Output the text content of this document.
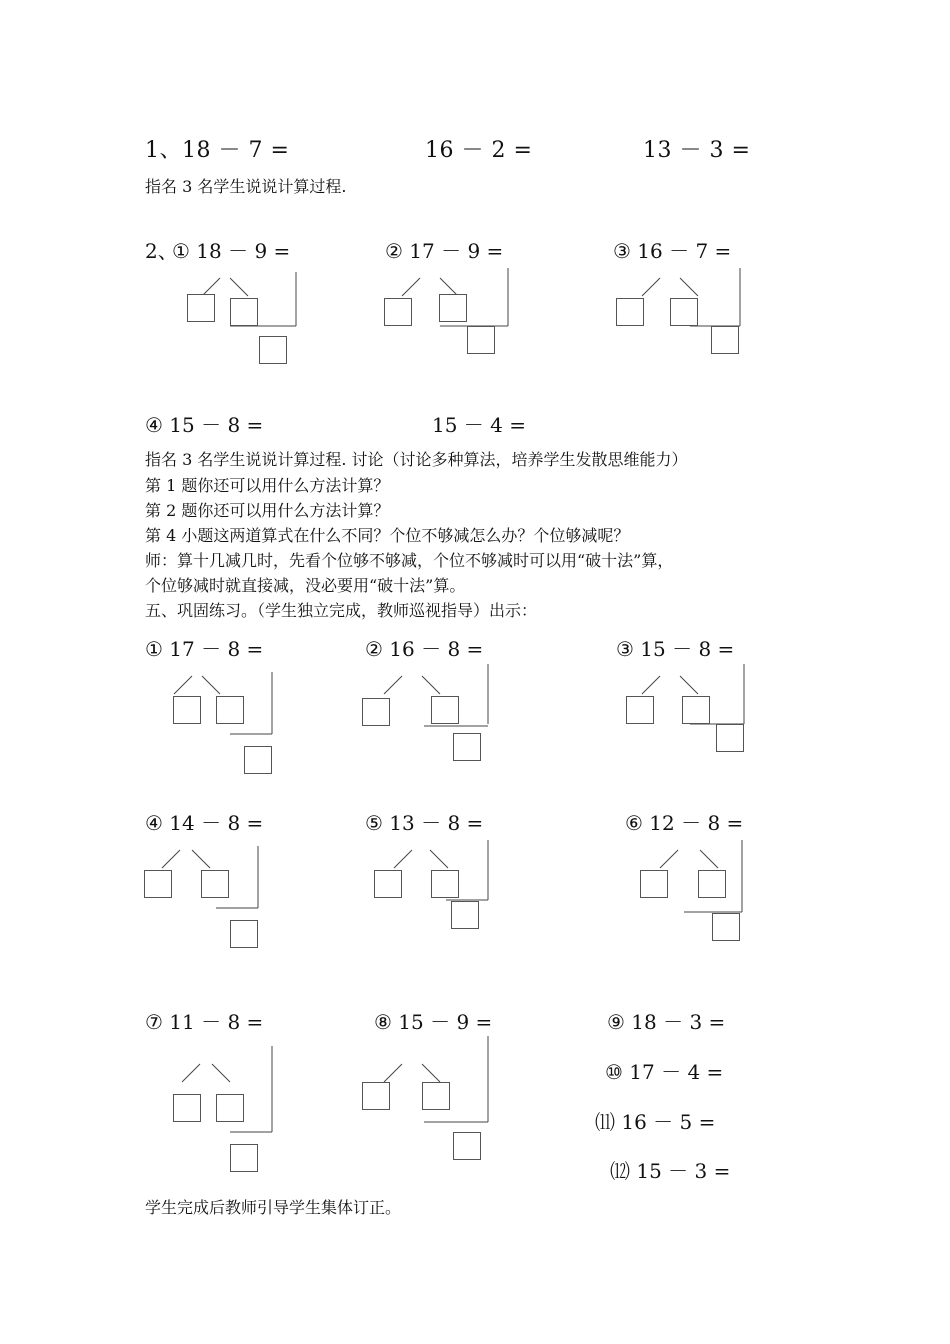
1、18 － 7 =	16 － 2 =	13 － 3 =
指名 3 名学生说说计算过程.
2、
① 18 － 9 =	② 17 － 9 =	③ 16 － 7 =
④ 15 － 8 =	15 － 4 =
指名 3 名学生说说计算过程. 讨论（讨论多种算法，培养学生发散思维能力）
第 1 题你还可以用什么方法计算？
第 2 题你还可以用什么方法计算？
第 4 小题这两道算式在什么不同？个位不够减怎么办？个位够减呢？
师：算十几减几时，先看个位够不够减，个位不够减时可以用“破十法”算，
个位够减时就直接减，没必要用“破十法”算。
五、巩固练习。（学生独立完成，教师巡视指导）出示：
① 17 － 8 =	② 16 － 8 =	③ 15 － 8 =
④ 14 － 8 =	⑤ 13 － 8 =	⑥ 12 － 8 =
⑦ 11 － 8 =	⑧ 15 － 9 =	⑨ 18 － 3 =
⑩ 17 － 4 =
⑾ 16 － 5 =
⑿ 15 － 3 =
学生完成后教师引导学生集体订正。
